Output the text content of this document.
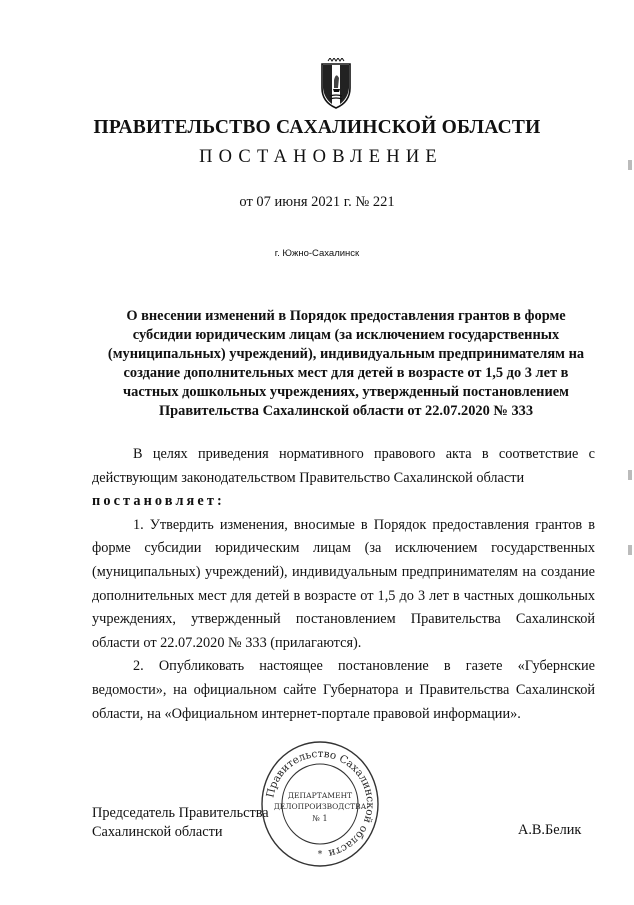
ПРАВИТЕЛЬСТВО САХАЛИНСКОЙ ОБЛАСТИ
ПОСТАНОВЛЕНИЕ
от 07 июня 2021 г. № 221
г. Южно-Сахалинск
О внесении изменений в Порядок предоставления грантов в форме
субсидии юридическим лицам (за исключением государственных
(муниципальных) учреждений), индивидуальным предпринимателям на
создание дополнительных мест для детей в возрасте от 1,5 до 3 лет в
частных дошкольных учреждениях, утвержденный постановлением
Правительства Сахалинской области от 22.07.2020 № 333

В целях приведения нормативного правового акта в соответствие с действующим законодательством Правительство Сахалинской области

постановляет:

1. Утвердить изменения, вносимые в Порядок предоставления грантов в форме субсидии юридическим лицам (за исключением государственных (муниципальных) учреждений), индивидуальным предпринимателям на создание дополнительных мест для детей в возрасте от 1,5 до 3 лет в частных дошкольных учреждениях, утвержденный постановлением Правительства Сахалинской области от 22.07.2020 № 333 (прилагаются).

2. Опубликовать настоящее постановление в газете «Губернские ведомости», на официальном сайте Губернатора и Правительства Сахалинской области, на «Официальном интернет-портале правовой информации».

Председатель Правительства
Сахалинской области	А.В.Белик
Правительство Сахалинской области
ДЕПАРТАМЕНТ
ДЕЛОПРОИЗВОДСТВА
№ 1
*
